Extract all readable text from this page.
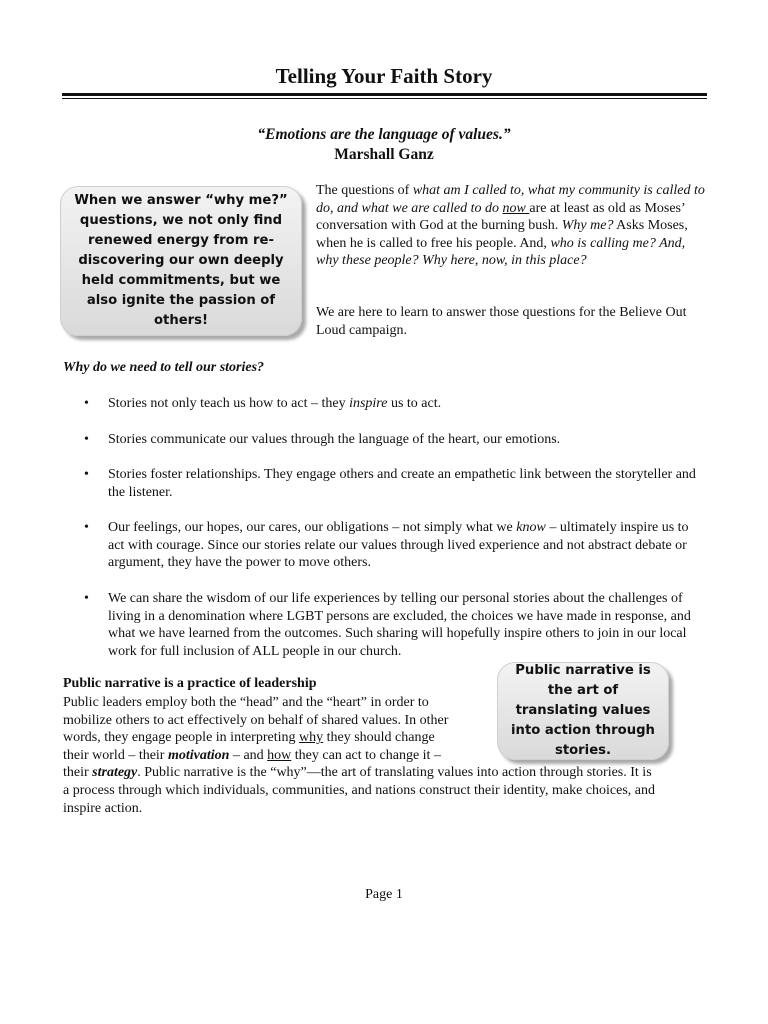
Telling Your Faith Story
“Emotions are the language of values.”
Marshall Ganz
When we answer “why me?” questions, we not only find renewed energy from re-discovering our own deeply held commitments, but we also ignite the passion of others!
The questions of what am I called to, what my community is called to do, and what we are called to do now are at least as old as Moses’ conversation with God at the burning bush. Why me? Asks Moses, when he is called to free his people. And, who is calling me? And, why these people? Why here, now, in this place?
We are here to learn to answer those questions for the Believe Out Loud campaign.
Why do we need to tell our stories?
• Stories not only teach us how to act – they inspire us to act.
• Stories communicate our values through the language of the heart, our emotions.
• Stories foster relationships. They engage others and create an empathetic link between the storyteller and the listener.
• Our feelings, our hopes, our cares, our obligations – not simply what we know – ultimately inspire us to act with courage. Since our stories relate our values through lived experience and not abstract debate or argument, they have the power to move others.
• We can share the wisdom of our life experiences by telling our personal stories about the challenges of living in a denomination where LGBT persons are excluded, the choices we have made in response, and what we have learned from the outcomes. Such sharing will hopefully inspire others to join in our local work for full inclusion of ALL people in our church.
Public narrative is the art of translating values into action through stories.
Public narrative is a practice of leadership
Public leaders employ both the “head” and the “heart” in order to
mobilize others to act effectively on behalf of shared values. In other
words, they engage people in interpreting why they should change
their world – their motivation – and how they can act to change it –
their strategy. Public narrative is the “why”—the art of translating values into action through stories. It is
a process through which individuals, communities, and nations construct their identity, make choices, and
inspire action.
Page 1
